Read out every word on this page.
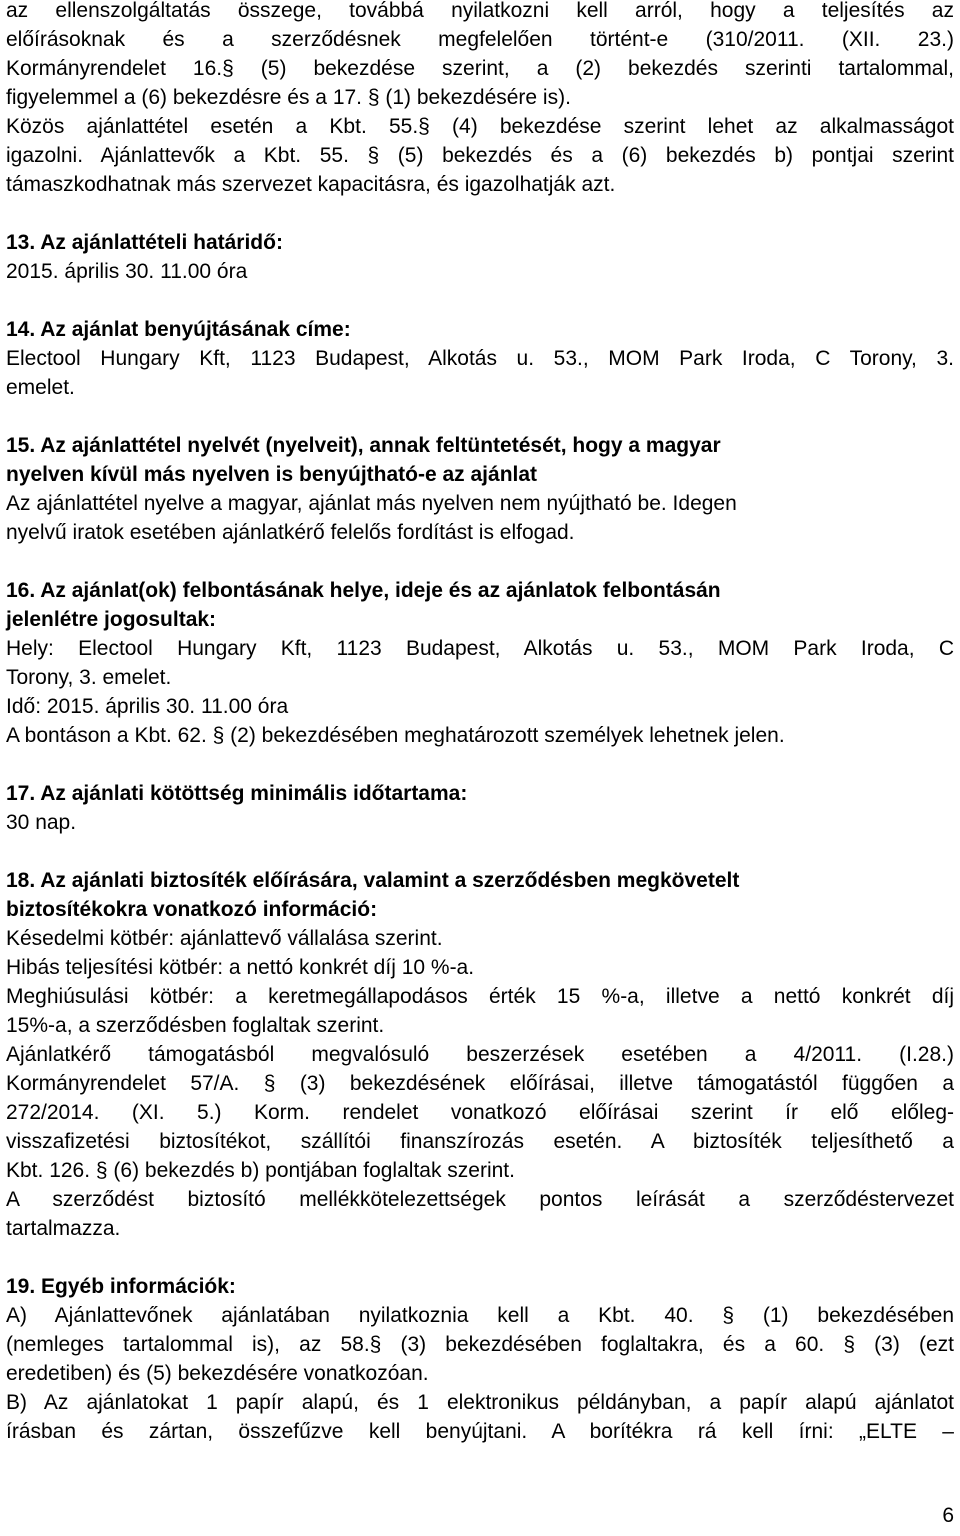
az ellenszolgáltatás összege, továbbá nyilatkozni kell arról, hogy a teljesítés az

előírásoknak és a szerződésnek megfelelően történt-e (310/2011. (XII. 23.)

Kormányrendelet 16.§ (5) bekezdése szerint, a (2) bekezdés szerinti tartalommal,

figyelemmel a (6) bekezdésre és a 17. § (1) bekezdésére is).

Közös ajánlattétel esetén a Kbt. 55.§ (4) bekezdése szerint lehet az alkalmasságot

igazolni. Ajánlattevők a Kbt. 55. § (5) bekezdés és a (6) bekezdés b) pontjai szerint

támaszkodhatnak más szervezet kapacitásra, és igazolhatják azt.

13. Az ajánlattételi határidő:

2015. április 30. 11.00 óra

14. Az ajánlat benyújtásának címe:

Electool Hungary Kft, 1123 Budapest, Alkotás u. 53., MOM Park Iroda, C Torony, 3.

emelet.

15. Az ajánlattétel nyelvét (nyelveit), annak feltüntetését, hogy a magyar

nyelven kívül más nyelven is benyújtható-e az ajánlat

Az ajánlattétel nyelve a magyar, ajánlat más nyelven nem nyújtható be. Idegen

nyelvű iratok esetében ajánlatkérő felelős fordítást is elfogad.

16. Az ajánlat(ok) felbontásának helye, ideje és az ajánlatok felbontásán

jelenlétre jogosultak:

Hely: Electool Hungary Kft, 1123 Budapest, Alkotás u. 53., MOM Park Iroda, C

Torony, 3. emelet.

Idő: 2015. április 30. 11.00 óra

A bontáson a Kbt. 62. § (2) bekezdésében meghatározott személyek lehetnek jelen.

17. Az ajánlati kötöttség minimális időtartama:

30 nap.

18. Az ajánlati biztosíték előírására, valamint a szerződésben megkövetelt

biztosítékokra vonatkozó információ:

Késedelmi kötbér: ajánlattevő vállalása szerint.

Hibás teljesítési kötbér: a nettó konkrét díj 10 %-a.

Meghiúsulási kötbér: a keretmegállapodásos érték 15 %-a, illetve a nettó konkrét díj

15%-a, a szerződésben foglaltak szerint.

Ajánlatkérő támogatásból megvalósuló beszerzések esetében a 4/2011. (I.28.)

Kormányrendelet 57/A. § (3) bekezdésének előírásai, illetve támogatástól függően a

272/2014. (XI. 5.) Korm. rendelet vonatkozó előírásai szerint ír elő előleg-

visszafizetési biztosítékot, szállítói finanszírozás esetén. A biztosíték teljesíthető a

Kbt. 126. § (6) bekezdés b) pontjában foglaltak szerint.

A szerződést biztosító mellékkötelezettségek pontos leírását a szerződéstervezet

tartalmazza.

19. Egyéb információk:

A) Ajánlattevőnek ajánlatában nyilatkoznia kell a Kbt. 40. § (1) bekezdésében

(nemleges tartalommal is), az 58.§ (3) bekezdésében foglaltakra, és a 60. § (3) (ezt

eredetiben) és (5) bekezdésére vonatkozóan.

B) Az ajánlatokat 1 papír alapú, és 1 elektronikus példányban, a papír alapú ajánlatot

írásban és zártan, összefűzve kell benyújtani. A borítékra rá kell írni: „ELTE –

6
